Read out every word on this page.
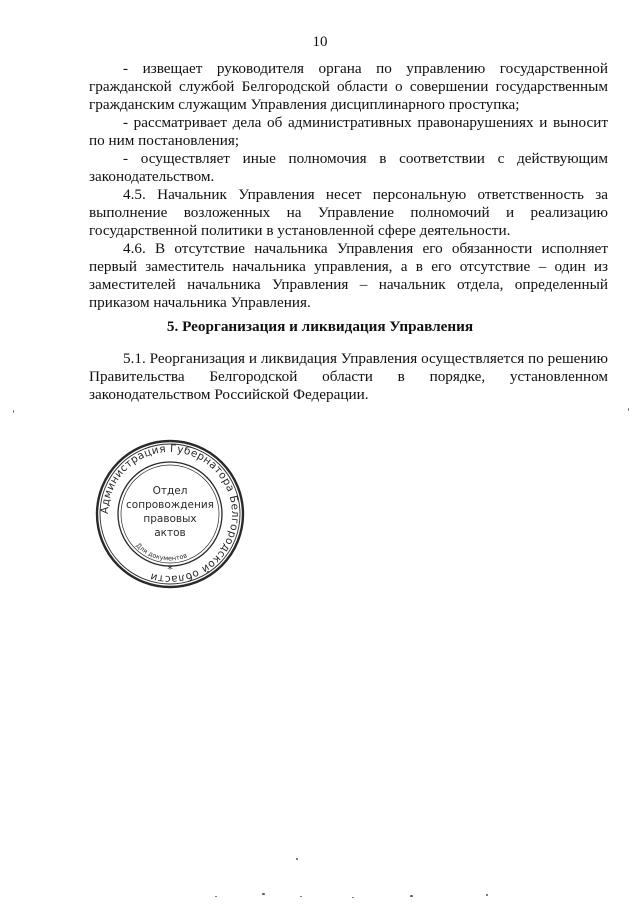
10

- извещает руководителя органа по управлению государственной гражданской службой Белгородской области о совершении государственным гражданским служащим Управления дисциплинарного проступка;

- рассматривает дела об административных правонарушениях и выносит по ним постановления;

- осуществляет иные полномочия в соответствии с действующим законодательством.

4.5. Начальник Управления несет персональную ответственность за выполнение возложенных на Управление полномочий и реализацию государственной политики в установленной сфере деятельности.

4.6. В отсутствие начальника Управления его обязанности исполняет первый заместитель начальника управления, а в его отсутствие – один из заместителей начальника Управления – начальник отдела, определенный приказом начальника Управления.

5. Реорганизация и ликвидация Управления

5.1. Реорганизация и ликвидация Управления осуществляется по решению Правительства Белгородской области в порядке, установленном законодательством Российской Федерации.

Администрация Губернатора Белгородской области
Для документов
Отдел
сопровождения
правовых
актов
*
